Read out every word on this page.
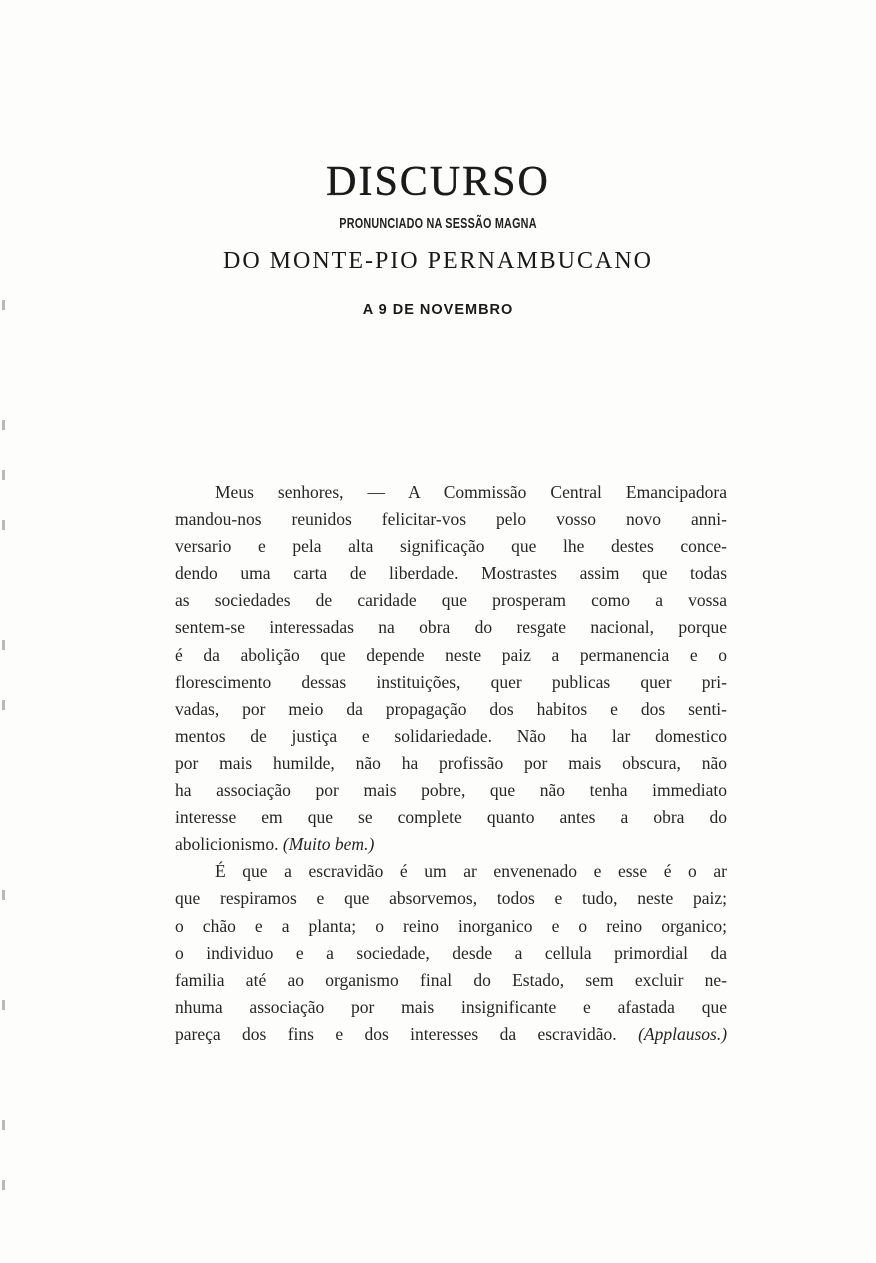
DISCURSO
PRONUNCIADO NA SESSÃO MAGNA
DO MONTE-PIO PERNAMBUCANO
A 9 DE NOVEMBRO

Meus senhores, — A Commissão Central Emancipadora
mandou-nos reunidos felicitar-vos pelo vosso novo anni-
versario e pela alta significação que lhe destes conce-
dendo uma carta de liberdade. Mostrastes assim que todas
as sociedades de caridade que prosperam como a vossa
sentem-se interessadas na obra do resgate nacional, porque
é da abolição que depende neste paiz a permanencia e o
florescimento dessas instituições, quer publicas quer pri-
vadas, por meio da propagação dos habitos e dos senti-
mentos de justiça e solidariedade. Não ha lar domestico
por mais humilde, não ha profissão por mais obscura, não
ha associação por mais pobre, que não tenha immediato
interesse em que se complete quanto antes a obra do
abolicionismo. (Muito bem.)

É que a escravidão é um ar envenenado e esse é o ar
que respiramos e que absorvemos, todos e tudo, neste paiz;
o chão e a planta; o reino inorganico e o reino organico;
o individuo e a sociedade, desde a cellula primordial da
familia até ao organismo final do Estado, sem excluir ne-
nhuma associação por mais insignificante e afastada que
pareça dos fins e dos interesses da escravidão. (Applausos.)
